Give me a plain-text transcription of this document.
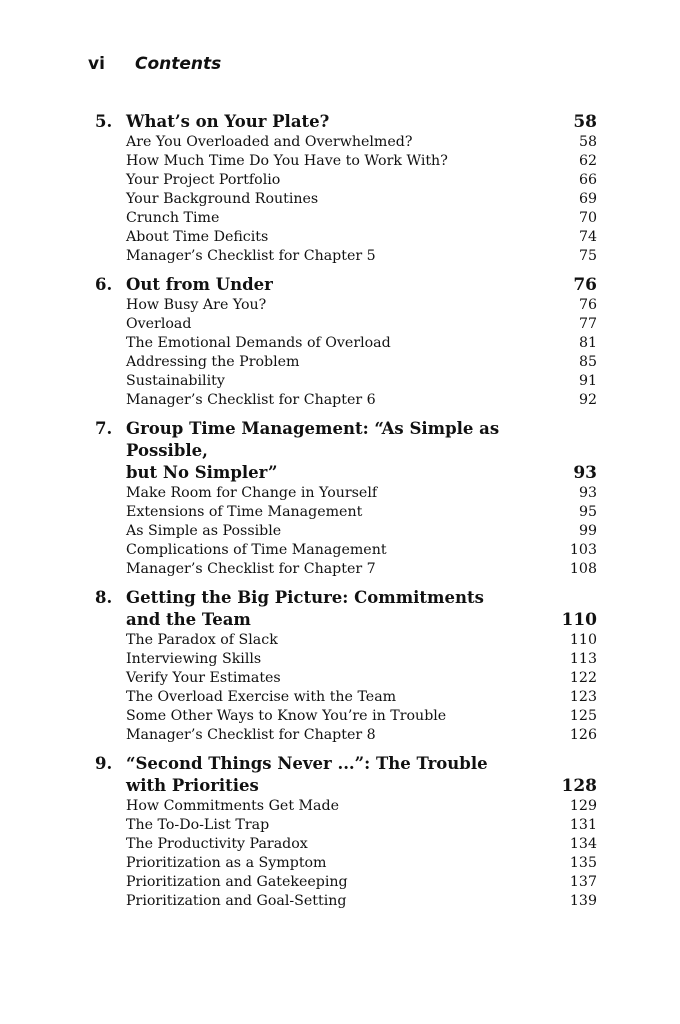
vi Contents
5. What’s on Your Plate?	58
Are You Overloaded and Overwhelmed?	58
How Much Time Do You Have to Work With?	62
Your Project Portfolio	66
Your Background Routines	69
Crunch Time	70
About Time Deficits	74
Manager’s Checklist for Chapter 5	75
6. Out from Under	76
How Busy Are You?	76
Overload	77
The Emotional Demands of Overload	81
Addressing the Problem	85
Sustainability	91
Manager’s Checklist for Chapter 6	92
7. Group Time Management: “As Simple as Possible,
but No Simpler”	93
Make Room for Change in Yourself	93
Extensions of Time Management	95
As Simple as Possible	99
Complications of Time Management	103
Manager’s Checklist for Chapter 7	108
8. Getting the Big Picture: Commitments
and the Team	110
The Paradox of Slack	110
Interviewing Skills	113
Verify Your Estimates	122
The Overload Exercise with the Team	123
Some Other Ways to Know You’re in Trouble	125
Manager’s Checklist for Chapter 8	126
9. “Second Things Never ...”: The Trouble
with Priorities	128
How Commitments Get Made	129
The To-Do-List Trap	131
The Productivity Paradox	134
Prioritization as a Symptom	135
Prioritization and Gatekeeping	137
Prioritization and Goal-Setting	139
